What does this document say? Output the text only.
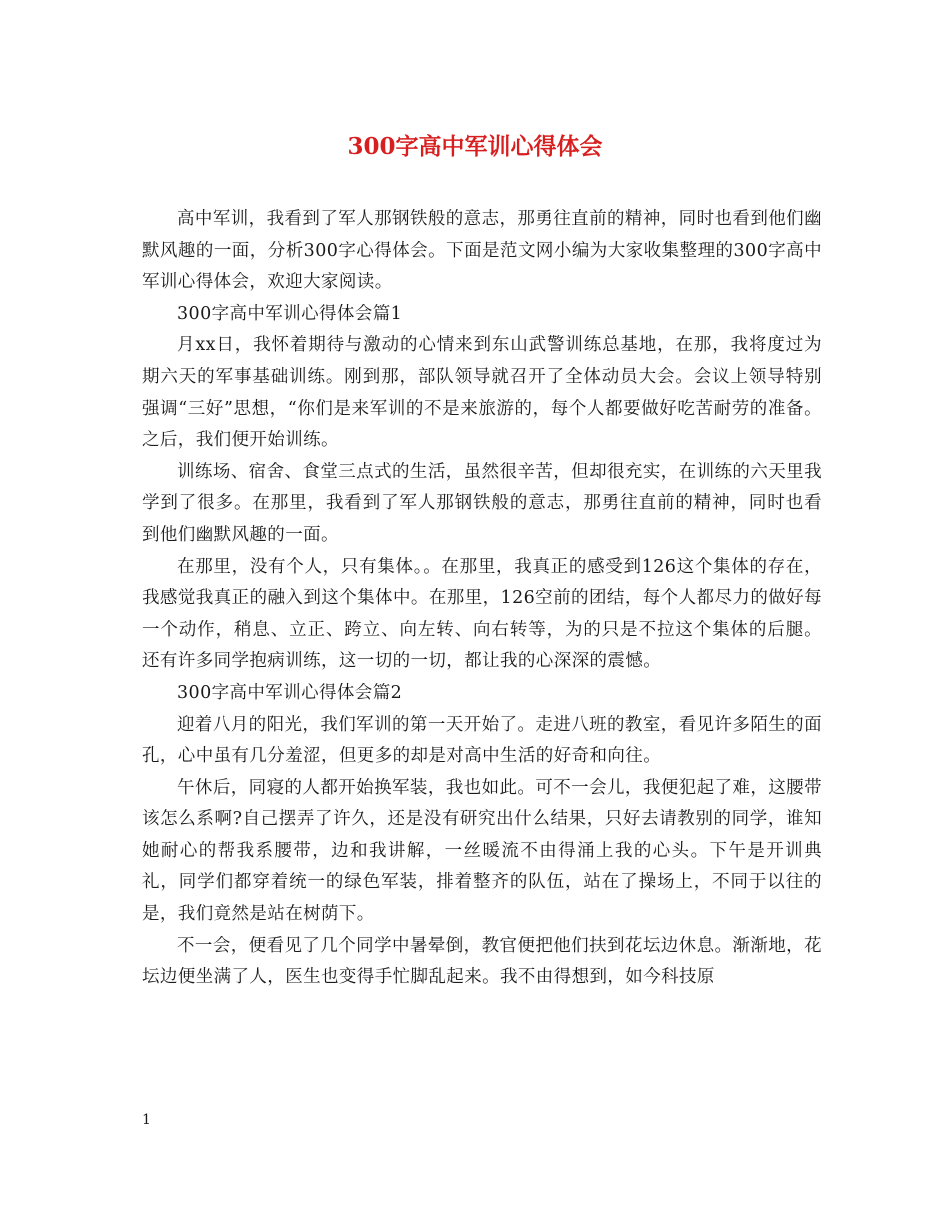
300字高中军训心得体会

高中军训，我看到了军人那钢铁般的意志，那勇往直前的精神，同时也看到他们幽默风趣的一面，分析300字心得体会。下面是范文网小编为大家收集整理的300字高中军训心得体会，欢迎大家阅读。

300字高中军训心得体会篇1

月xx日，我怀着期待与激动的心情来到东山武警训练总基地，在那，我将度过为期六天的军事基础训练。刚到那，部队领导就召开了全体动员大会。会议上领导特别强调“三好”思想，“你们是来军训的不是来旅游的，每个人都要做好吃苦耐劳的准备。之后，我们便开始训练。

训练场、宿舍、食堂三点式的生活，虽然很辛苦，但却很充实，在训练的六天里我学到了很多。在那里，我看到了军人那钢铁般的意志，那勇往直前的精神，同时也看到他们幽默风趣的一面。

在那里，没有个人，只有集体。。在那里，我真正的感受到126这个集体的存在，我感觉我真正的融入到这个集体中。在那里，126空前的团结，每个人都尽力的做好每一个动作，稍息、立正、跨立、向左转、向右转等，为的只是不拉这个集体的后腿。还有许多同学抱病训练，这一切的一切，都让我的心深深的震憾。

300字高中军训心得体会篇2

迎着八月的阳光，我们军训的第一天开始了。走进八班的教室，看见许多陌生的面孔，心中虽有几分羞涩，但更多的却是对高中生活的好奇和向往。

午休后，同寝的人都开始换军装，我也如此。可不一会儿，我便犯起了难，这腰带该怎么系啊?自己摆弄了许久，还是没有研究出什么结果，只好去请教别的同学，谁知她耐心的帮我系腰带，边和我讲解，一丝暖流不由得涌上我的心头。下午是开训典礼，同学们都穿着统一的绿色军装，排着整齐的队伍，站在了操场上，不同于以往的是，我们竟然是站在树荫下。

不一会，便看见了几个同学中暑晕倒，教官便把他们扶到花坛边休息。渐渐地，花坛边便坐满了人，医生也变得手忙脚乱起来。我不由得想到，如今科技原

1
